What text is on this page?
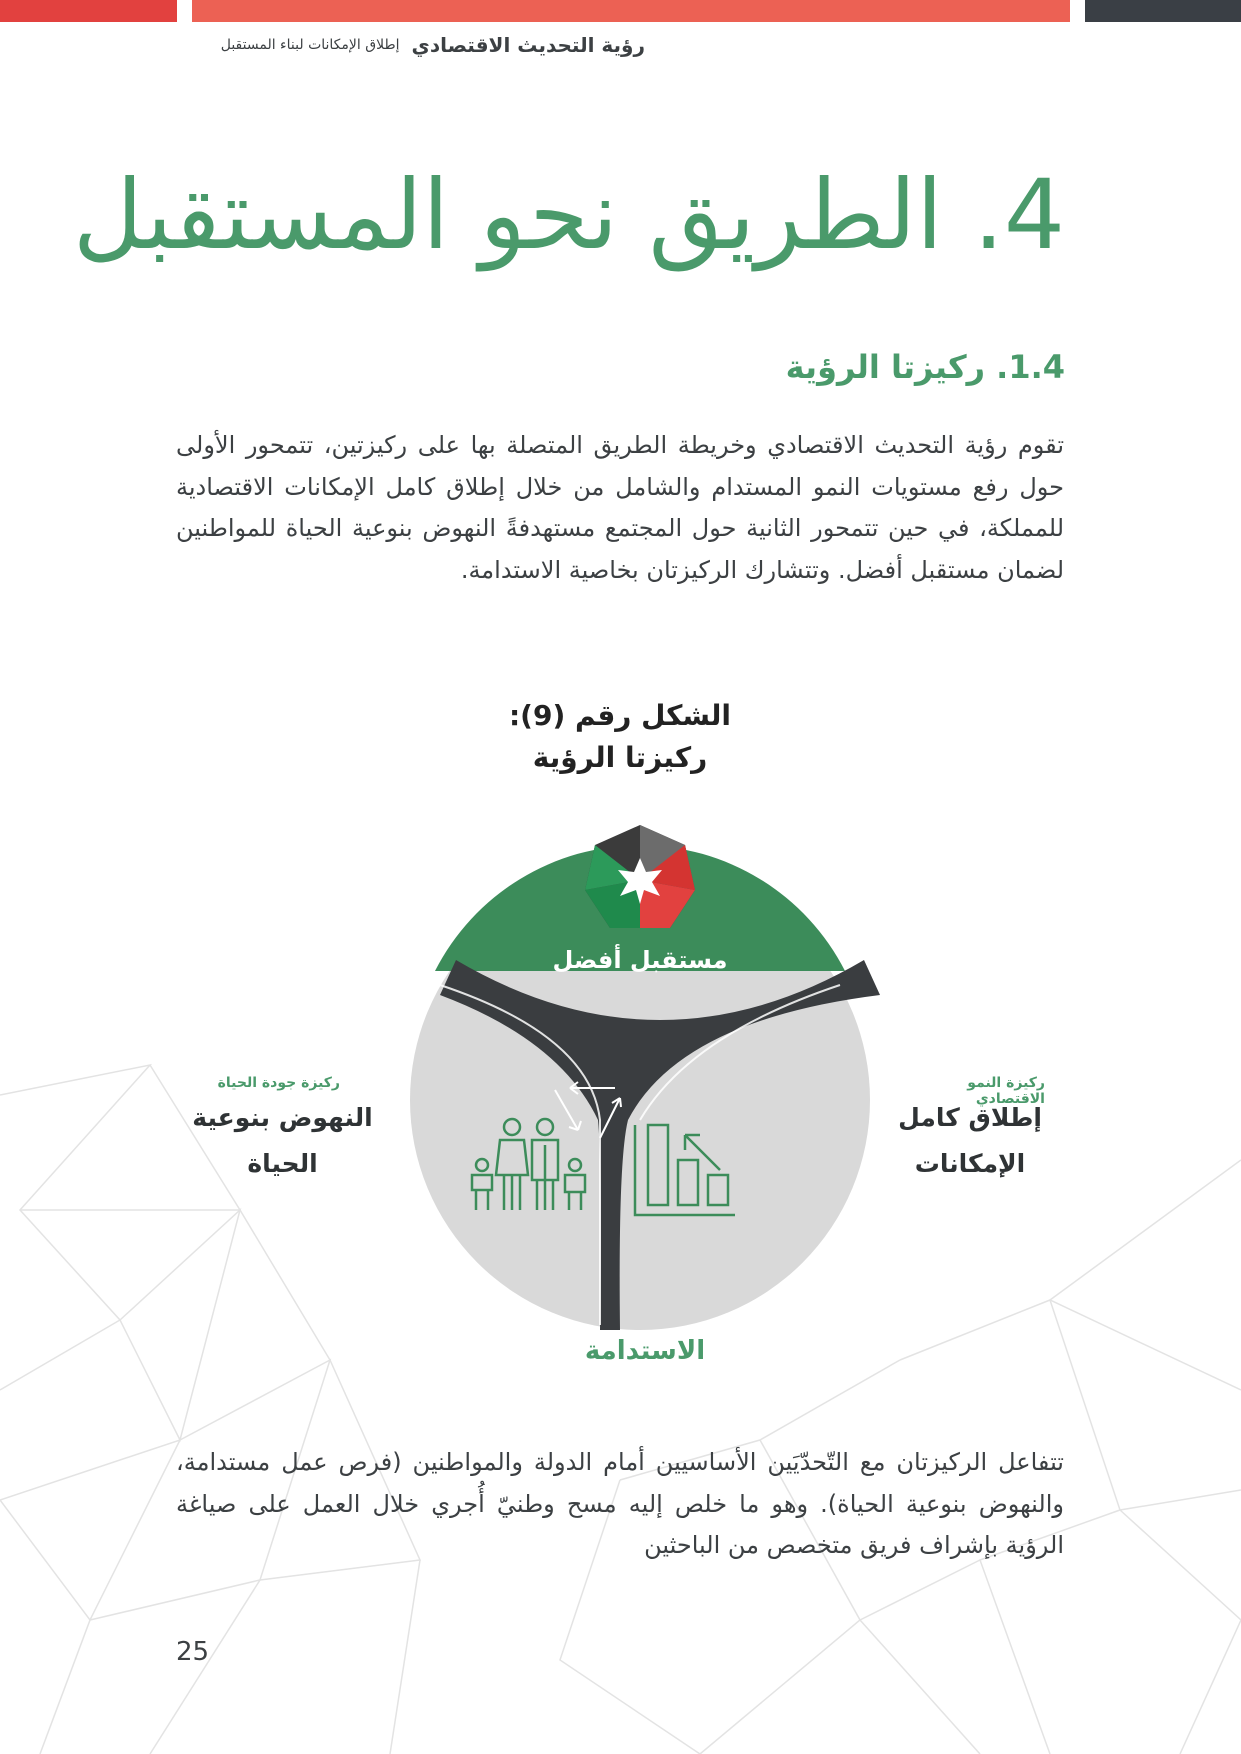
رؤية التحديث الاقتصادي
إطلاق الإمكانات لبناء المستقبل
4. الطريق نحو المستقبل
1.4. ركيزتا الرؤية
تقوم رؤية التحديث الاقتصادي وخريطة الطريق المتصلة بها على ركيزتين، تتمحور الأولى حول رفع مستويات النمو المستدام والشامل من خلال إطلاق كامل الإمكانات الاقتصادية للمملكة، في حين تتمحور الثانية حول المجتمع مستهدفةً النهوض بنوعية الحياة للمواطنين لضمان مستقبل أفضل. وتتشارك الركيزتان بخاصية الاستدامة.
الشكل رقم (9):
ركيزتا الرؤية
مستقبل أفضل
ركيزة جودة الحياة
النهوض بنوعية الحياة
ركيزة النمو الاقتصادي
إطلاق كامل الإمكانات
الاستدامة
تتفاعل الركيزتان مع التّحدّيَين الأساسيين أمام الدولة والمواطنين (فرص عمل مستدامة، والنهوض بنوعية الحياة). وهو ما خلص إليه مسح وطنيّ أُجري خلال العمل على صياغة الرؤية بإشراف فريق متخصص من الباحثين
25
